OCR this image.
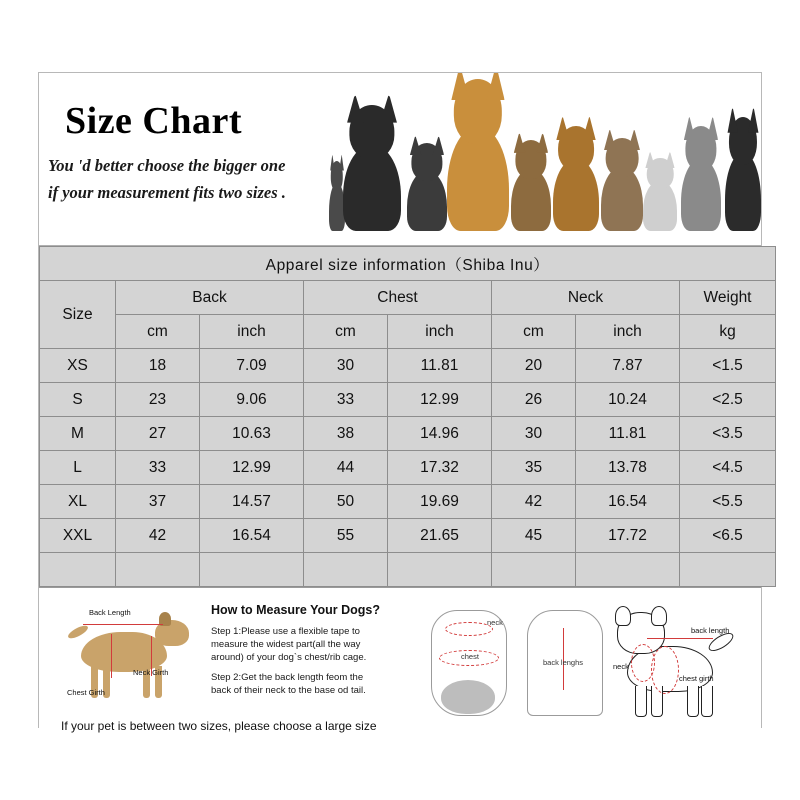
Size Chart
You 'd better choose the bigger one
if your measurement fits two sizes .
Apparel size information（Shiba Inu）							
Size	Back		Chest		Neck		Weight
	cm	inch	cm	inch	cm	inch	kg
XS	18	7.09	30	11.81	20	7.87	<1.5
S	23	9.06	33	12.99	26	10.24	<2.5
M	27	10.63	38	14.96	30	11.81	<3.5
L	33	12.99	44	17.32	35	13.78	<4.5
XL	37	14.57	50	19.69	42	16.54	<5.5
XXL	42	16.54	55	21.65	45	17.72	<6.5

Back Length
Neck Girth
Chest Girth
How to Measure Your Dogs?
Step 1:Please use a flexible tape to measure the widest part(all the way around) of your dog`s chest/rib cage.
Step 2:Get the back length feom the back of their neck to the base od tail.
neck
chest
back lenghs	neck
back length
chest girth
If your pet is between two sizes, please choose a large size
